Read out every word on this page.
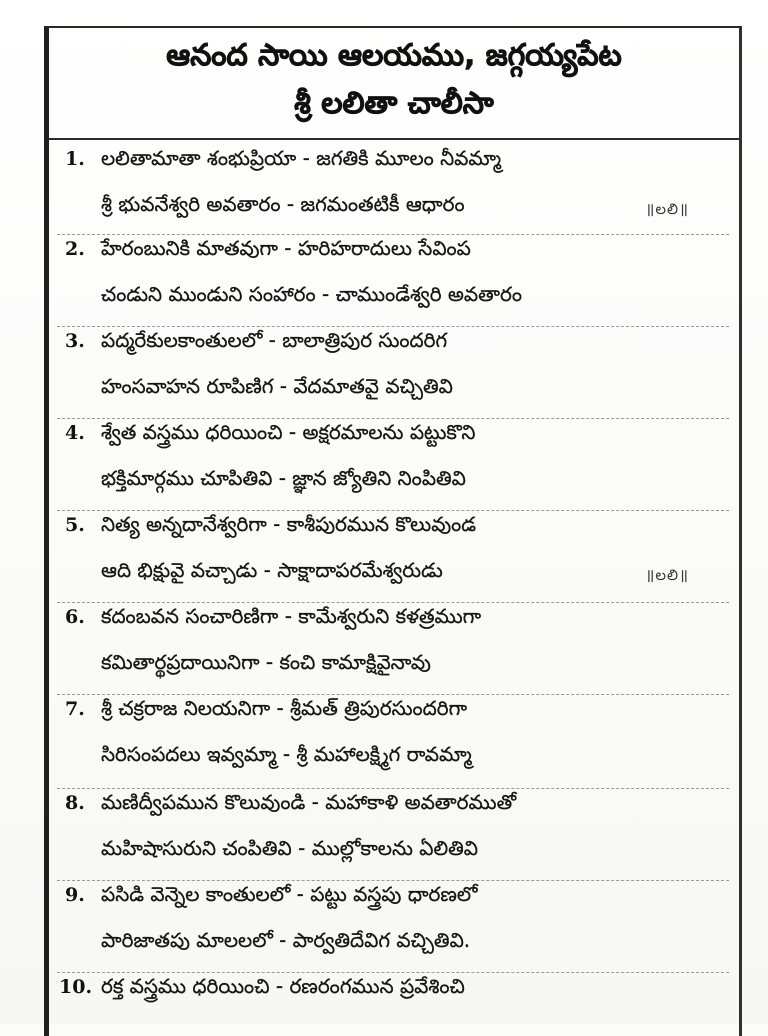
ఆనంద సాయి ఆలయము, జగ్గయ్యపేట
శ్రీ లలితా చాలీసా
1. లలితామాతా శంభుప్రియా - జగతికి మూలం నీవమ్మా
శ్రీ భువనేశ్వరి అవతారం - జగమంతటికీ ఆధారం	॥లలి॥
2. హేరంబునికి మాతవుగా - హరిహరాదులు సేవింప
చండుని ముండుని సంహారం - చాముండేశ్వరి అవతారం
3. పద్మరేకులకాంతులలో - బాలాత్రిపుర సుందరిగ
హంసవాహన రూపిణిగ - వేదమాతవై వచ్చితివి
4. శ్వేత వస్త్రము ధరియించి - అక్షరమాలను పట్టుకొని
భక్తిమార్గము చూపితివి - జ్ఞాన జ్యోతిని నింపితివి
5. నిత్య అన్నదానేశ్వరిగా - కాశీపురమున కొలువుండ
ఆది భిక్షువై వచ్చాడు - సాక్షాదాపరమేశ్వరుడు	॥లలి॥
6. కదంబవన సంచారిణిగా - కామేశ్వరుని కళత్రముగా
కమితార్థప్రదాయినిగా - కంచి కామాక్షివైనావు
7. శ్రీ చక్రరాజ నిలయనిగా - శ్రీమత్ త్రిపురసుందరిగా
సిరిసంపదలు ఇవ్వమ్మా - శ్రీ మహాలక్ష్మిగ రావమ్మా
8. మణిద్వీపమున కొలువుండి - మహాకాళి అవతారముతో
మహిషాసురుని చంపితివి - ముల్లోకాలను ఏలితివి
9. పసిడి వెన్నెల కాంతులలో - పట్టు వస్త్రపు ధారణలో
పారిజాతపు మాలలలో - పార్వతిదేవిగ వచ్చితివి.
10. రక్త వస్త్రము ధరియించి - రణరంగమున ప్రవేశించి
